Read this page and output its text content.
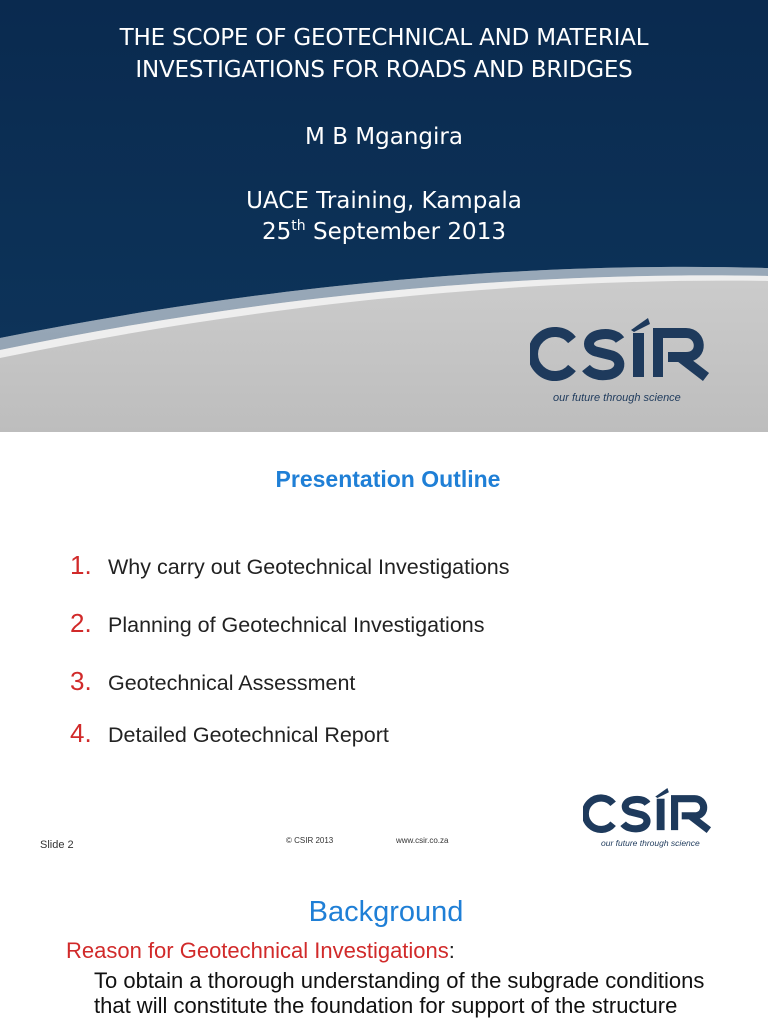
THE SCOPE OF GEOTECHNICAL AND MATERIAL
INVESTIGATIONS FOR ROADS AND BRIDGES
M B Mgangira
UACE Training, Kampala
25th September 2013
our future through science
Presentation Outline
1. Why carry out Geotechnical Investigations
2. Planning of Geotechnical Investigations
3. Geotechnical Assessment
4. Detailed Geotechnical Report
Slide 2	© CSIR 2013	www.csir.co.za	our future through science
Background
Reason for Geotechnical Investigations:
To obtain a thorough understanding of the subgrade conditions that will constitute the foundation for support of the structure
